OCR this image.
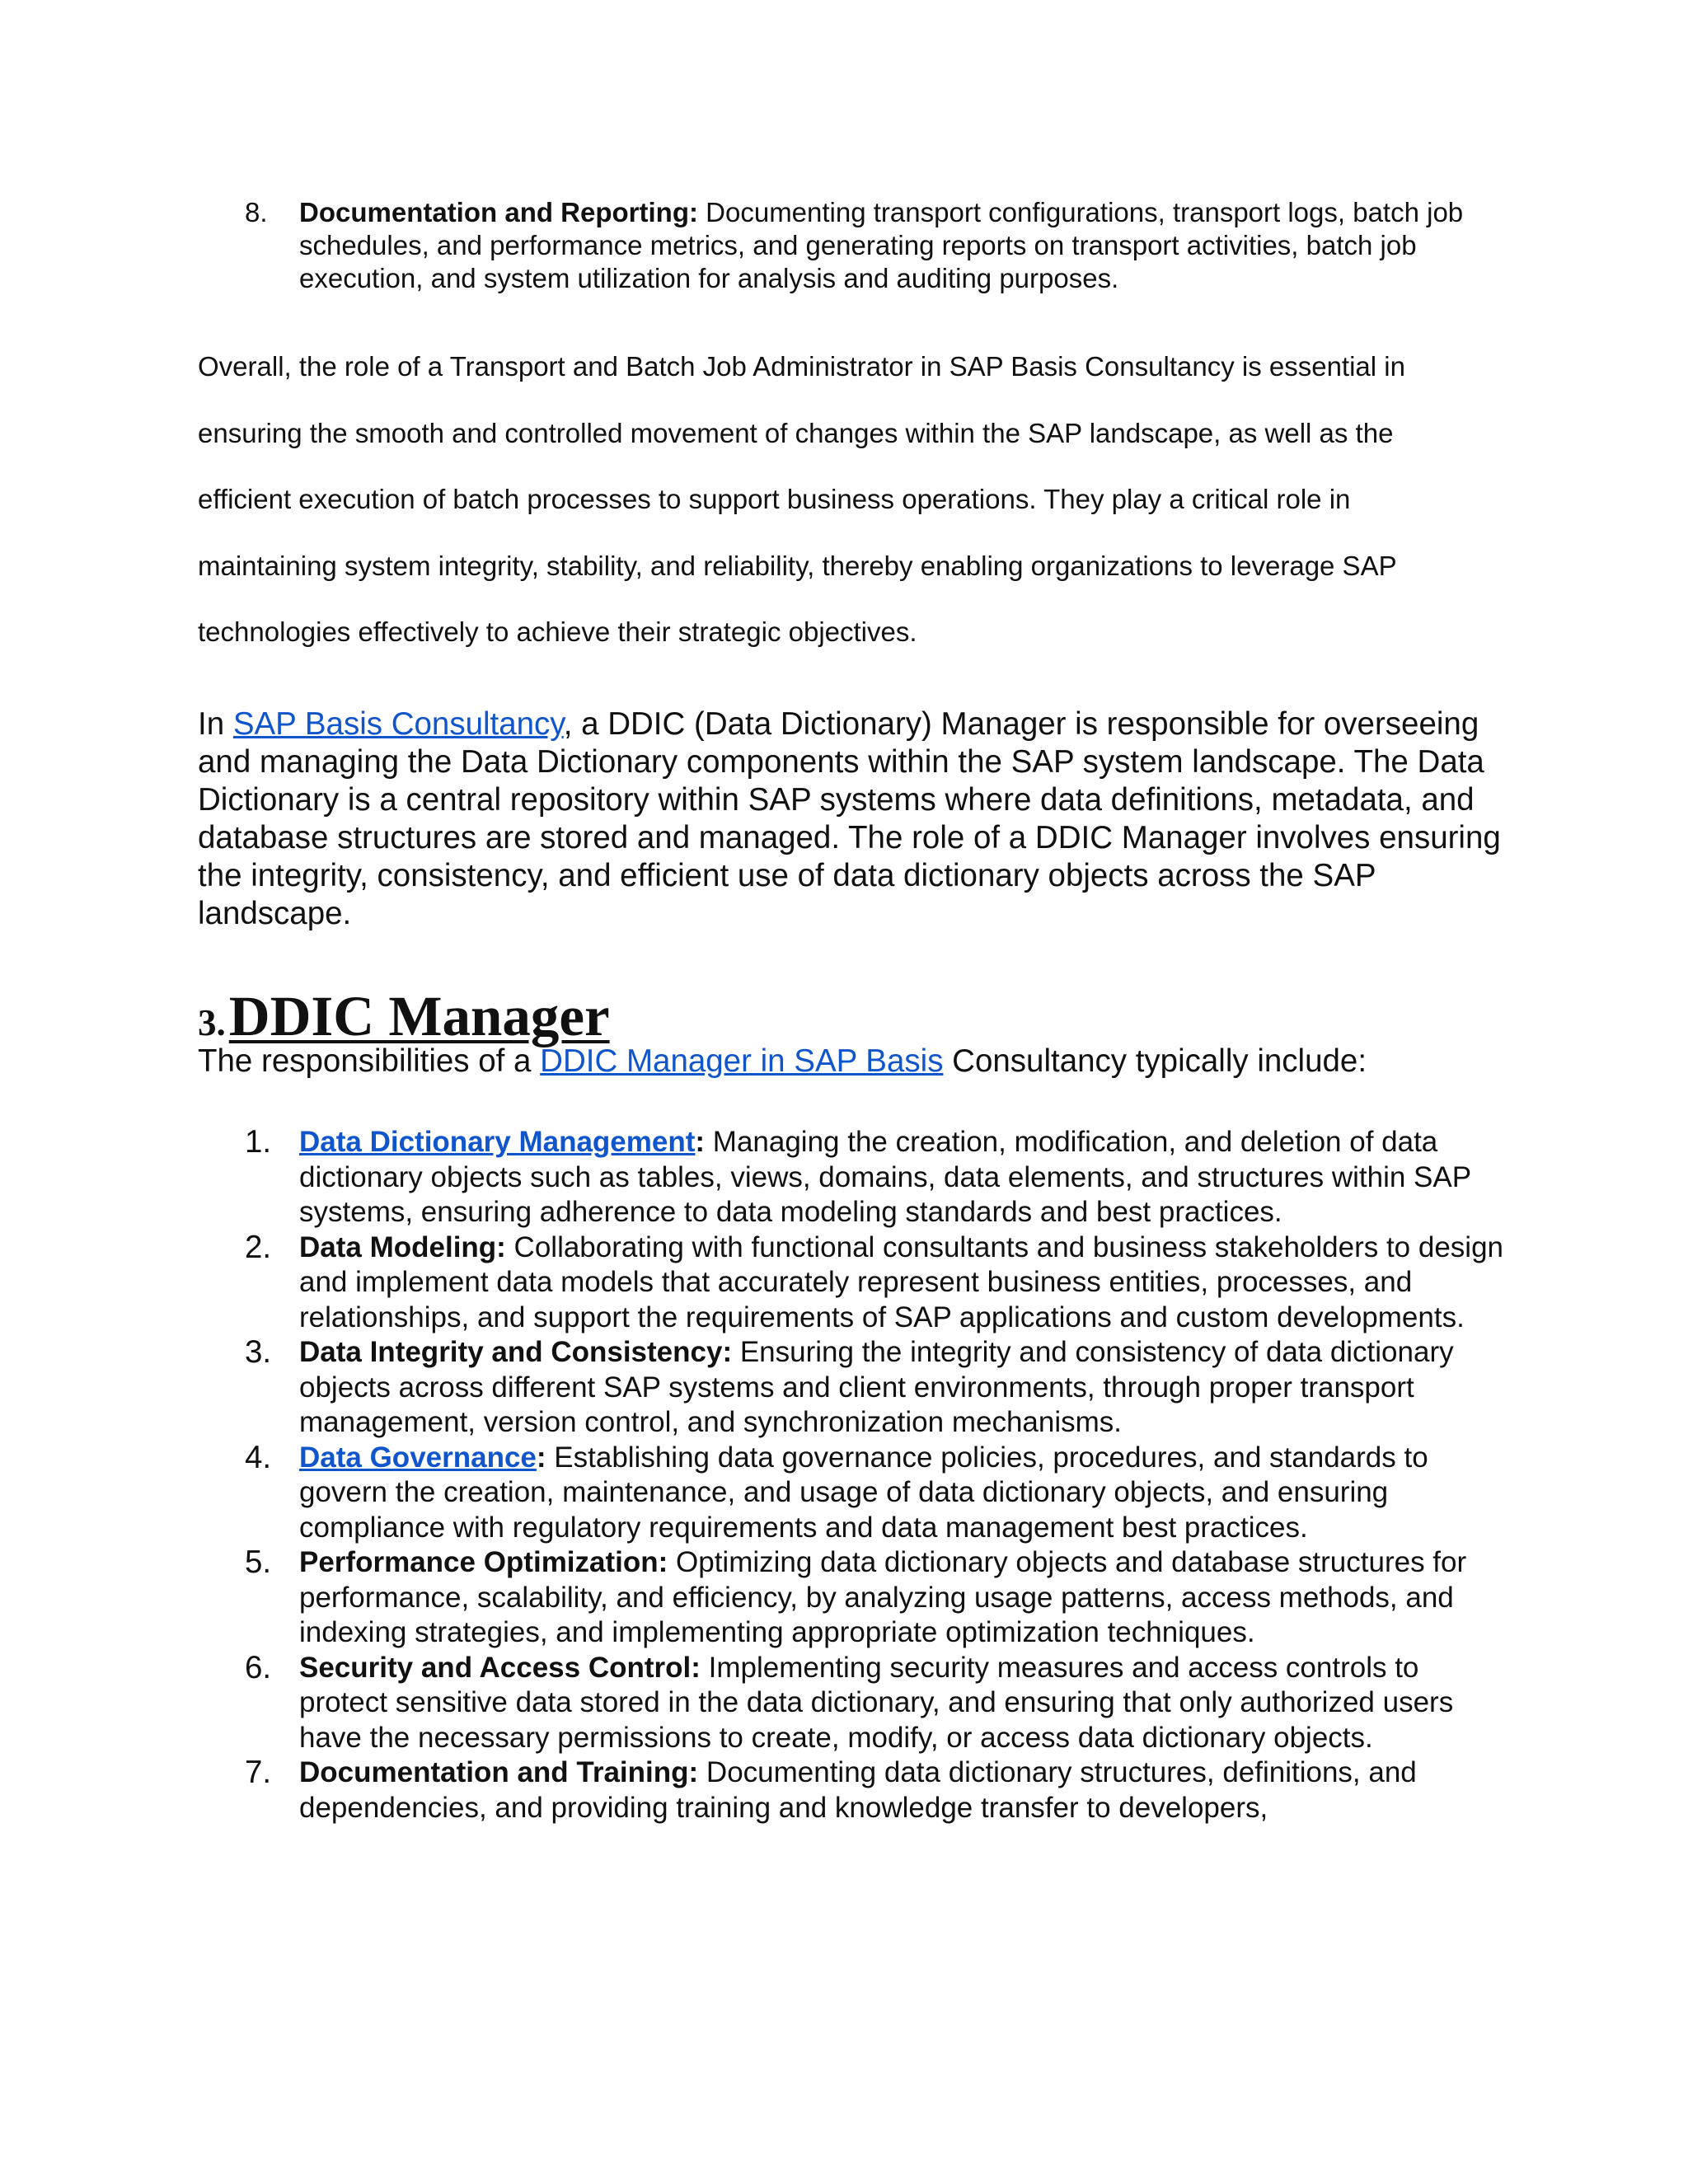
8. Documentation and Reporting: Documenting transport configurations, transport logs, batch job schedules, and performance metrics, and generating reports on transport activities, batch job execution, and system utilization for analysis and auditing purposes.
Overall, the role of a Transport and Batch Job Administrator in SAP Basis Consultancy is essential in
ensuring the smooth and controlled movement of changes within the SAP landscape, as well as the
efficient execution of batch processes to support business operations. They play a critical role in
maintaining system integrity, stability, and reliability, thereby enabling organizations to leverage SAP
technologies effectively to achieve their strategic objectives.
In SAP Basis Consultancy, a DDIC (Data Dictionary) Manager is responsible for overseeing and managing the Data Dictionary components within the SAP system landscape. The Data Dictionary is a central repository within SAP systems where data definitions, metadata, and database structures are stored and managed. The role of a DDIC Manager involves ensuring the integrity, consistency, and efficient use of data dictionary objects across the SAP landscape.
3. DDIC Manager
The responsibilities of a DDIC Manager in SAP Basis Consultancy typically include:
1. Data Dictionary Management: Managing the creation, modification, and deletion of data dictionary objects such as tables, views, domains, data elements, and structures within SAP systems, ensuring adherence to data modeling standards and best practices.
2. Data Modeling: Collaborating with functional consultants and business stakeholders to design and implement data models that accurately represent business entities, processes, and relationships, and support the requirements of SAP applications and custom developments.
3. Data Integrity and Consistency: Ensuring the integrity and consistency of data dictionary objects across different SAP systems and client environments, through proper transport management, version control, and synchronization mechanisms.
4. Data Governance: Establishing data governance policies, procedures, and standards to govern the creation, maintenance, and usage of data dictionary objects, and ensuring compliance with regulatory requirements and data management best practices.
5. Performance Optimization: Optimizing data dictionary objects and database structures for performance, scalability, and efficiency, by analyzing usage patterns, access methods, and indexing strategies, and implementing appropriate optimization techniques.
6. Security and Access Control: Implementing security measures and access controls to protect sensitive data stored in the data dictionary, and ensuring that only authorized users have the necessary permissions to create, modify, or access data dictionary objects.
7. Documentation and Training: Documenting data dictionary structures, definitions, and dependencies, and providing training and knowledge transfer to developers,
